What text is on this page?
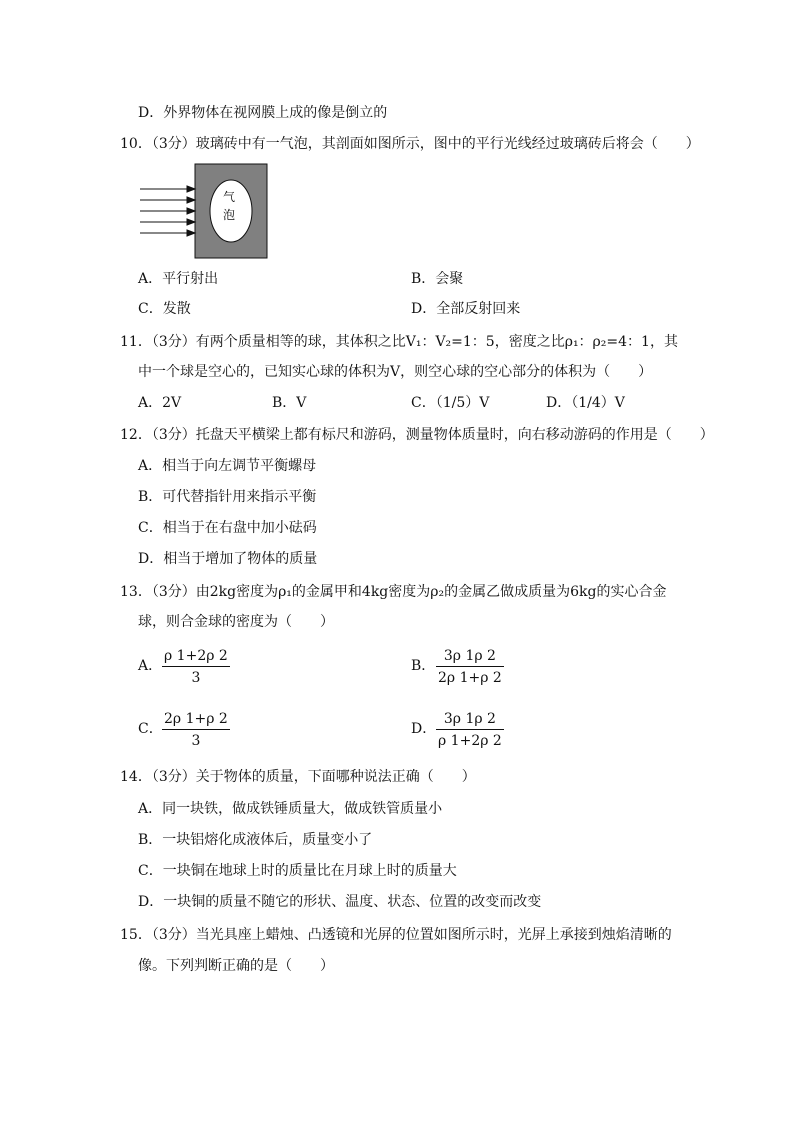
D．外界物体在视网膜上成的像是倒立的
10．（3分）玻璃砖中有一气泡，其剖面如图所示，图中的平行光线经过玻璃砖后将会（　　）
气
泡
A．平行射出	B．会聚
C．发散	D．全部反射回来
11．（3分）有两个质量相等的球，其体积之比V₁：V₂=1：5，密度之比ρ₁：ρ₂=4：1，其
中一个球是空心的，已知实心球的体积为V，则空心球的空心部分的体积为（　　）
A．2V	B．V	C．（1/5）V	D．（1/4）V
12．（3分）托盘天平横梁上都有标尺和游码，测量物体质量时，向右移动游码的作用是（　　）
A．相当于向左调节平衡螺母
B．可代替指针用来指示平衡
C．相当于在右盘中加小砝码
D．相当于增加了物体的质量
13．（3分）由2kg密度为ρ₁的金属甲和4kg密度为ρ₂的金属乙做成质量为6kg的实心合金
球，则合金球的密度为（　　）
A．
ρ 1+2ρ 2
3
B．
3ρ 1ρ 2
2ρ 1+ρ 2
C．
2ρ 1+ρ 2
3
D．
3ρ 1ρ 2
ρ 1+2ρ 2
14．（3分）关于物体的质量，下面哪种说法正确（　　）
A．同一块铁，做成铁锤质量大，做成铁管质量小
B．一块铝熔化成液体后，质量变小了
C．一块铜在地球上时的质量比在月球上时的质量大
D．一块铜的质量不随它的形状、温度、状态、位置的改变而改变
15．（3分）当光具座上蜡烛、凸透镜和光屏的位置如图所示时，光屏上承接到烛焰清晰的
像。下列判断正确的是（　　）
